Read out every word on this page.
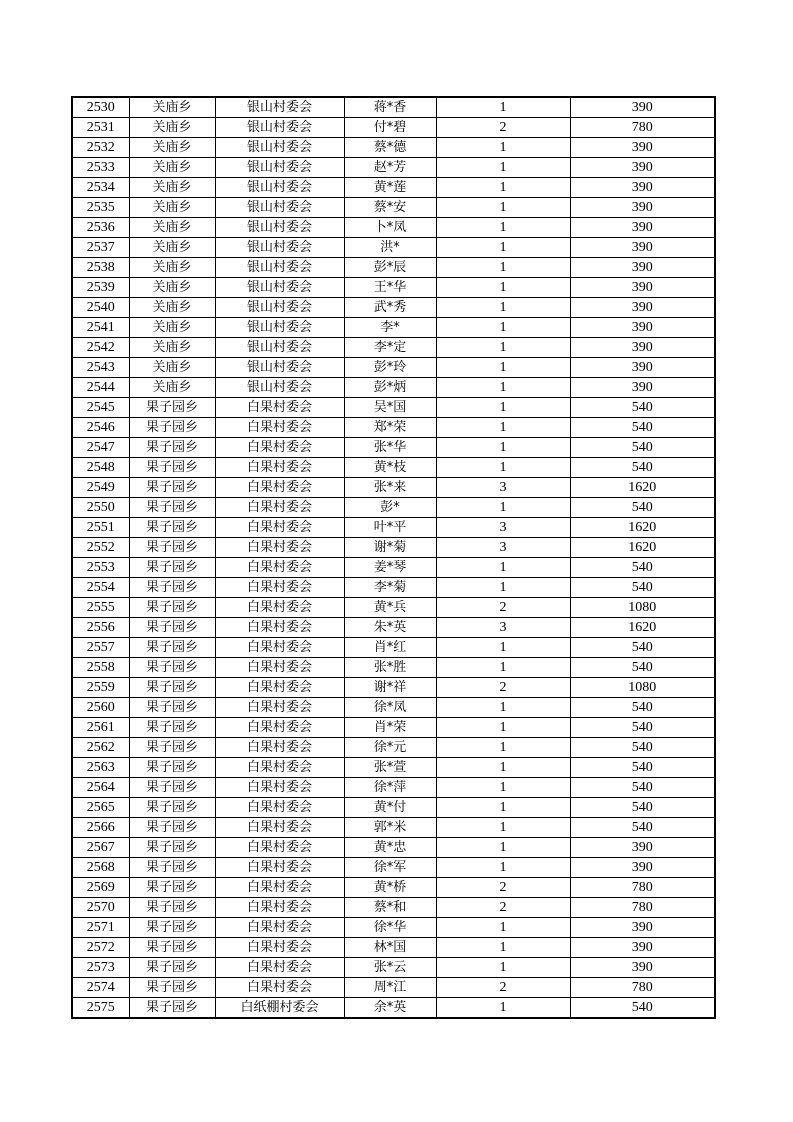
2530	关庙乡	银山村委会	蒋*香	1	390
2531	关庙乡	银山村委会	付*碧	2	780
2532	关庙乡	银山村委会	蔡*德	1	390
2533	关庙乡	银山村委会	赵*芳	1	390
2534	关庙乡	银山村委会	黄*莲	1	390
2535	关庙乡	银山村委会	蔡*安	1	390
2536	关庙乡	银山村委会	卜*凤	1	390
2537	关庙乡	银山村委会	洪*	1	390
2538	关庙乡	银山村委会	彭*辰	1	390
2539	关庙乡	银山村委会	王*华	1	390
2540	关庙乡	银山村委会	武*秀	1	390
2541	关庙乡	银山村委会	李*	1	390
2542	关庙乡	银山村委会	李*定	1	390
2543	关庙乡	银山村委会	彭*玲	1	390
2544	关庙乡	银山村委会	彭*炳	1	390
2545	果子园乡	白果村委会	吴*国	1	540
2546	果子园乡	白果村委会	郑*荣	1	540
2547	果子园乡	白果村委会	张*华	1	540
2548	果子园乡	白果村委会	黄*枝	1	540
2549	果子园乡	白果村委会	张*来	3	1620
2550	果子园乡	白果村委会	彭*	1	540
2551	果子园乡	白果村委会	叶*平	3	1620
2552	果子园乡	白果村委会	谢*菊	3	1620
2553	果子园乡	白果村委会	姜*琴	1	540
2554	果子园乡	白果村委会	李*菊	1	540
2555	果子园乡	白果村委会	黄*兵	2	1080
2556	果子园乡	白果村委会	朱*英	3	1620
2557	果子园乡	白果村委会	肖*红	1	540
2558	果子园乡	白果村委会	张*胜	1	540
2559	果子园乡	白果村委会	谢*祥	2	1080
2560	果子园乡	白果村委会	徐*凤	1	540
2561	果子园乡	白果村委会	肖*荣	1	540
2562	果子园乡	白果村委会	徐*元	1	540
2563	果子园乡	白果村委会	张*萱	1	540
2564	果子园乡	白果村委会	徐*萍	1	540
2565	果子园乡	白果村委会	黄*付	1	540
2566	果子园乡	白果村委会	郭*米	1	540
2567	果子园乡	白果村委会	黄*忠	1	390
2568	果子园乡	白果村委会	徐*军	1	390
2569	果子园乡	白果村委会	黄*桥	2	780
2570	果子园乡	白果村委会	蔡*和	2	780
2571	果子园乡	白果村委会	徐*华	1	390
2572	果子园乡	白果村委会	林*国	1	390
2573	果子园乡	白果村委会	张*云	1	390
2574	果子园乡	白果村委会	周*江	2	780
2575	果子园乡	白纸棚村委会	余*英	1	540
